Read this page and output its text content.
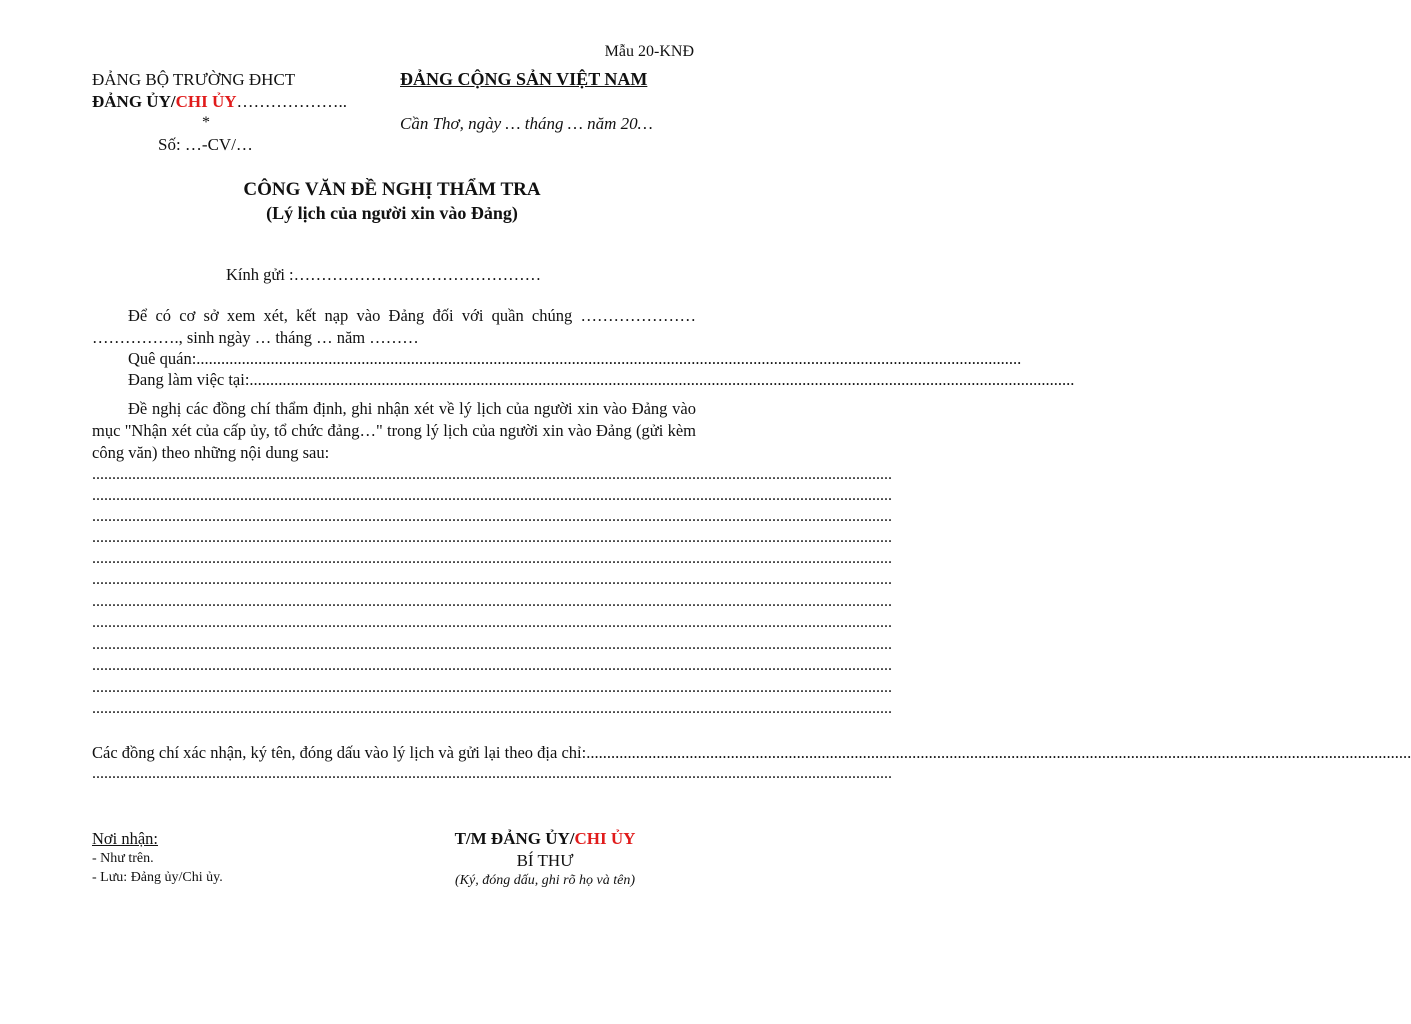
Mẫu 20-KNĐ
ĐẢNG BỘ TRƯỜNG ĐHCT
ĐẢNG ỦY/CHI ỦY………………..
*
Số: …-CV/…
ĐẢNG CỘNG SẢN VIỆT NAM
Cần Thơ, ngày … tháng … năm 20…
CÔNG VĂN ĐỀ NGHỊ THẨM TRA
(Lý lịch của người xin vào Đảng)
Kính gửi :………………………………………
Để có cơ sở xem xét, kết nạp vào Đảng đối với quần chúng ………………… ……………., sinh ngày … tháng … năm ………
Quê quán: ........................................................................................................................................................................................................
Đang làm việc tại: ........................................................................................................................................................................................................
Đề nghị các đồng chí thẩm định, ghi nhận xét về lý lịch của người xin vào Đảng vào mục "Nhận xét của cấp ủy, tổ chức đảng…" trong lý lịch của người xin vào Đảng (gửi kèm công văn) theo những nội dung sau:
........................................................................................................................................................................................................
........................................................................................................................................................................................................
........................................................................................................................................................................................................
........................................................................................................................................................................................................
........................................................................................................................................................................................................
........................................................................................................................................................................................................
........................................................................................................................................................................................................
........................................................................................................................................................................................................
........................................................................................................................................................................................................
........................................................................................................................................................................................................
........................................................................................................................................................................................................
........................................................................................................................................................................................................
Các đồng chí xác nhận, ký tên, đóng dấu vào lý lịch và gửi lại theo địa chỉ: ........................................................................................................................................................................................................
........................................................................................................................................................................................................
Nơi nhận:
- Như trên.
- Lưu: Đảng ủy/Chi ủy.
T/M ĐẢNG ỦY/CHI ỦY
BÍ THƯ
(Ký, đóng dấu, ghi rõ họ và tên)
